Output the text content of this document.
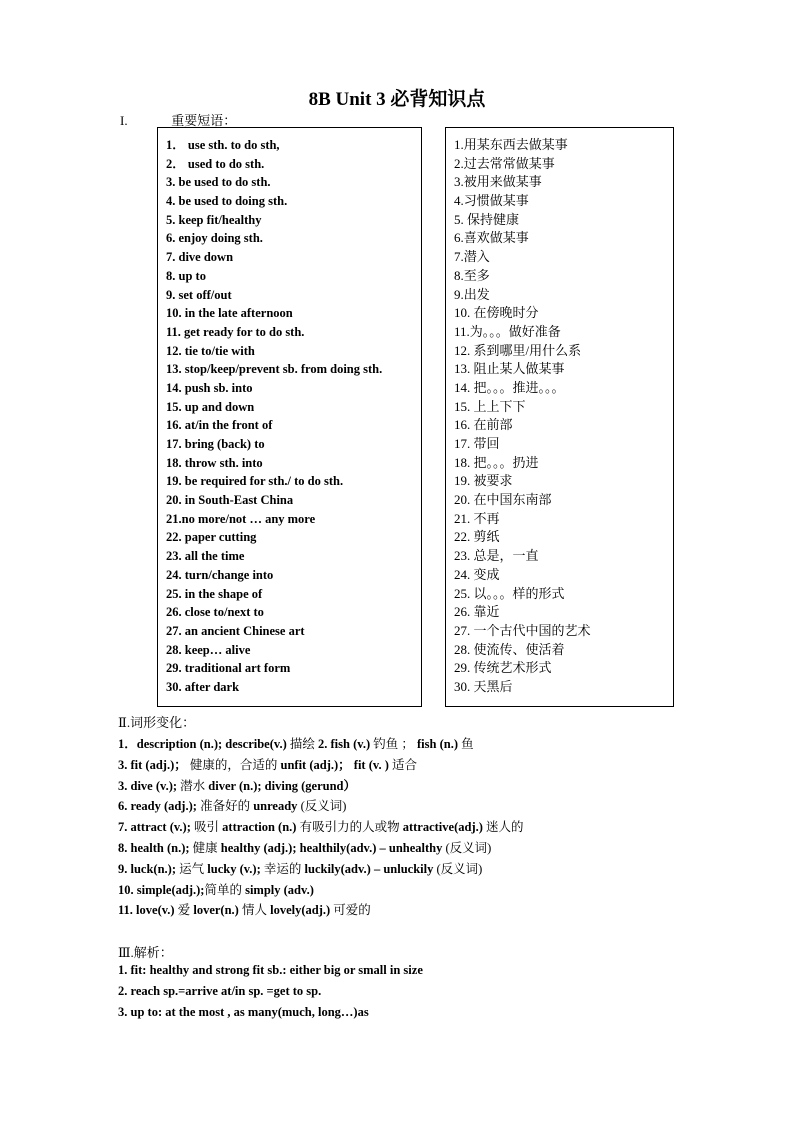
8B Unit 3 必背知识点
I.	重要短语：
1． use sth. to do sth,
2． used to do sth.
3. be used to do sth.
4. be used to doing sth.
5. keep fit/healthy
6. enjoy doing sth.
7. dive down
8. up to
9. set off/out
10. in the late afternoon
11. get ready for to do sth.
12. tie to/tie with
13. stop/keep/prevent sb. from doing sth.
14. push sb. into
15. up and down
16. at/in the front of
17. bring (back) to
18. throw sth. into
19. be required for sth./ to do sth.
20. in South-East China
21.no more/not … any more
22. paper cutting
23. all the time
24. turn/change into
25. in the shape of
26. close to/next to
27. an ancient Chinese art
28. keep… alive
29. traditional art form
30. after dark
1.用某东西去做某事
2.过去常常做某事
3.被用来做某事
4.习惯做某事
5. 保持健康
6.喜欢做某事
7.潜入
8.至多
9.出发
10. 在傍晚时分
11.为。。。做好准备
12. 系到哪里/用什么系
13. 阻止某人做某事
14. 把。。。推进。。。
15. 上上下下
16. 在前部
17. 带回
18. 把。。。扔进
19. 被要求
20. 在中国东南部
21. 不再
22. 剪纸
23. 总是，一直
24. 变成
25. 以。。。样的形式
26. 靠近
27. 一个古代中国的艺术
28. 使流传、使活着
29. 传统艺术形式
30. 天黑后
Ⅱ.词形变化：
1．description (n.); describe(v.) 描绘 2. fish (v.) 钓鱼 ； fish (n.) 鱼
3. fit (adj.)； 健康的，合适的 unfit (adj.)； fit (v. ) 适合
3. dive (v.); 潜水 diver (n.); diving (gerund）
6. ready (adj.); 准备好的 unready (反义词)
7. attract (v.); 吸引 attraction (n.) 有吸引力的人或物 attractive(adj.) 迷人的
8. health (n.); 健康 healthy (adj.); healthily(adv.) – unhealthy (反义词)
9. luck(n.); 运气 lucky (v.); 幸运的 luckily(adv.) – unluckily (反义词)
10. simple(adj.);简单的 simply (adv.)
11. love(v.) 爱 lover(n.) 情人 lovely(adj.) 可爱的
Ⅲ.解析：
1. fit: healthy and strong fit sb.: either big or small in size
2. reach sp.=arrive at/in sp. =get to sp.
3. up to: at the most , as many(much, long…)as
